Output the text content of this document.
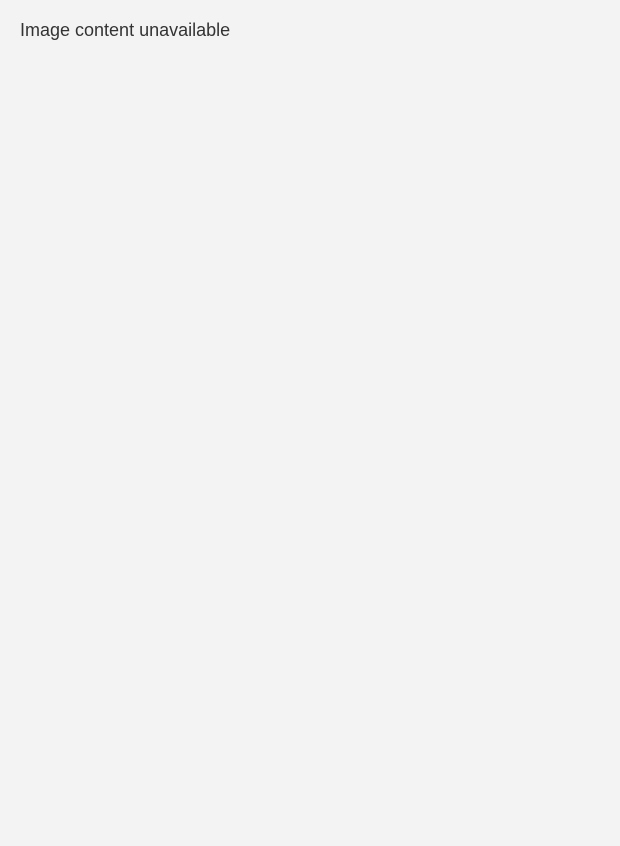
Image content unavailable
